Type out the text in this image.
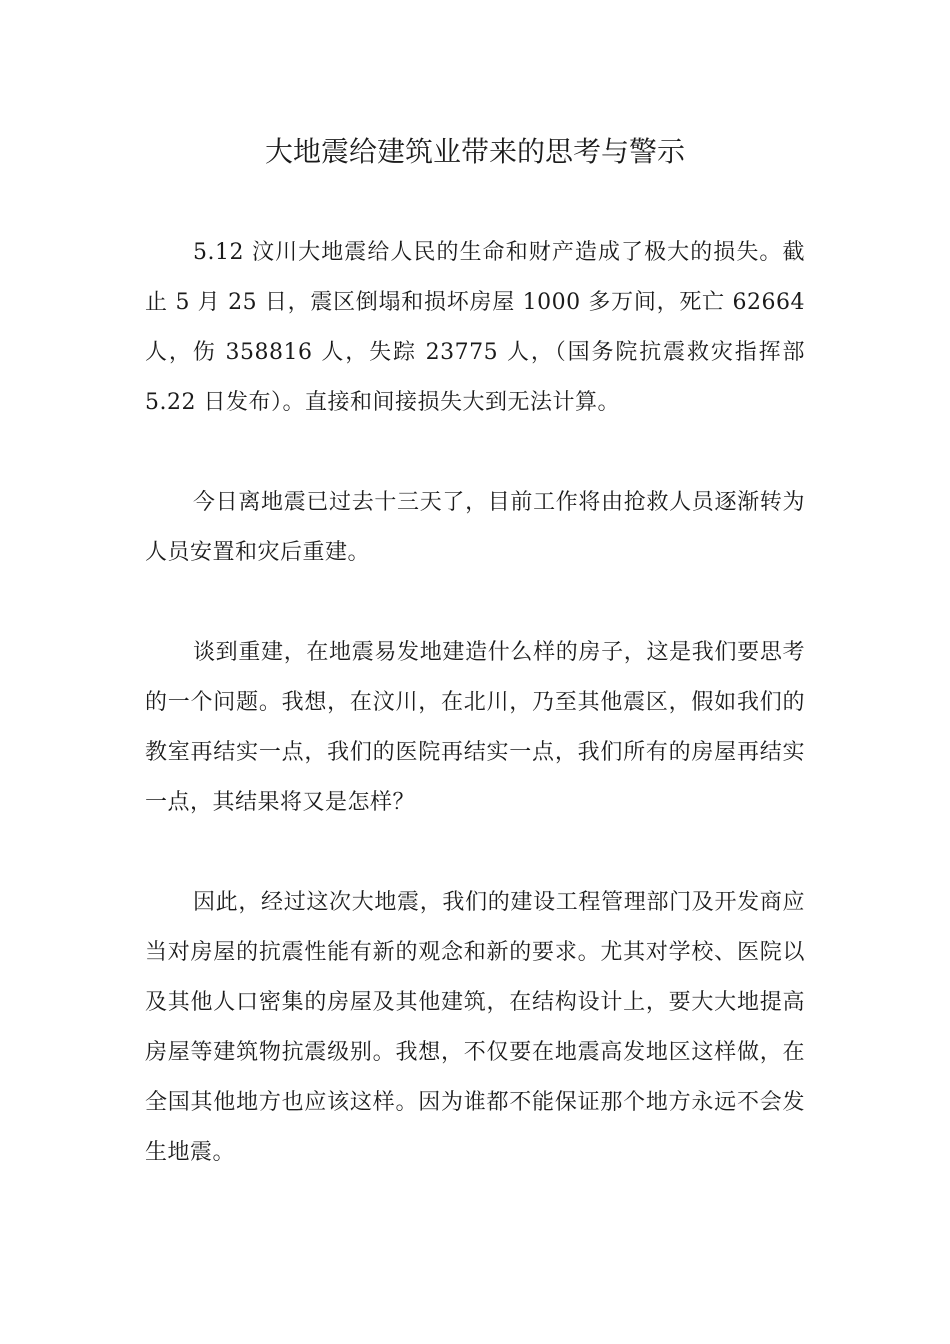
大地震给建筑业带来的思考与警示

5.12 汶川大地震给人民的生命和财产造成了极大的损失。截止 5 月 25 日，震区倒塌和损坏房屋 1000 多万间，死亡 62664 人，伤 358816 人，失踪 23775 人，（国务院抗震救灾指挥部 5.22 日发布）。直接和间接损失大到无法计算。

今日离地震已过去十三天了，目前工作将由抢救人员逐渐转为人员安置和灾后重建。

谈到重建，在地震易发地建造什么样的房子，这是我们要思考的一个问题。我想，在汶川，在北川，乃至其他震区，假如我们的教室再结实一点，我们的医院再结实一点，我们所有的房屋再结实一点，其结果将又是怎样？

因此，经过这次大地震，我们的建设工程管理部门及开发商应当对房屋的抗震性能有新的观念和新的要求。尤其对学校、医院以及其他人口密集的房屋及其他建筑，在结构设计上，要大大地提高房屋等建筑物抗震级别。我想，不仅要在地震高发地区这样做，在全国其他地方也应该这样。因为谁都不能保证那个地方永远不会发生地震。
